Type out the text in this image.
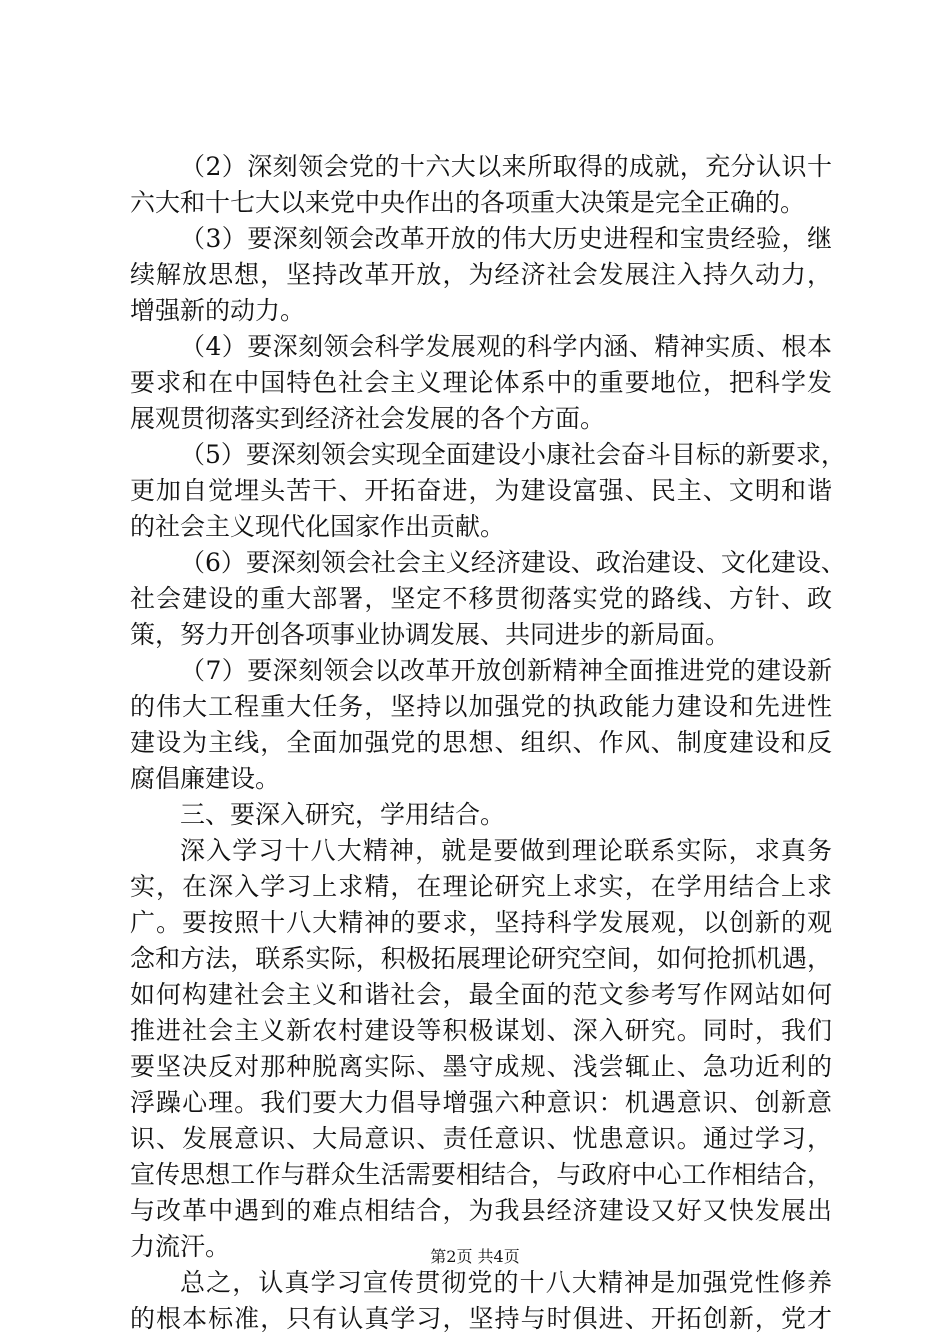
（2）深刻领会党的十六大以来所取得的成就，充分认识十
六大和十七大以来党中央作出的各项重大决策是完全正确的。
（3）要深刻领会改革开放的伟大历史进程和宝贵经验，继
续解放思想，坚持改革开放，为经济社会发展注入持久动力，
增强新的动力。
（4）要深刻领会科学发展观的科学内涵、精神实质、根本
要求和在中国特色社会主义理论体系中的重要地位，把科学发
展观贯彻落实到经济社会发展的各个方面。
（5）要深刻领会实现全面建设小康社会奋斗目标的新要求，
更加自觉埋头苦干、开拓奋进，为建设富强、民主、文明和谐
的社会主义现代化国家作出贡献。
（6）要深刻领会社会主义经济建设、政治建设、文化建设、
社会建设的重大部署，坚定不移贯彻落实党的路线、方针、政
策，努力开创各项事业协调发展、共同进步的新局面。
（7）要深刻领会以改革开放创新精神全面推进党的建设新
的伟大工程重大任务，坚持以加强党的执政能力建设和先进性
建设为主线，全面加强党的思想、组织、作风、制度建设和反
腐倡廉建设。
三、要深入研究，学用结合。
深入学习十八大精神，就是要做到理论联系实际，求真务
实，在深入学习上求精，在理论研究上求实，在学用结合上求
广。要按照十八大精神的要求，坚持科学发展观，以创新的观
念和方法，联系实际，积极拓展理论研究空间，如何抢抓机遇，
如何构建社会主义和谐社会，最全面的范文参考写作网站如何
推进社会主义新农村建设等积极谋划、深入研究。同时，我们
要坚决反对那种脱离实际、墨守成规、浅尝辄止、急功近利的
浮躁心理。我们要大力倡导增强六种意识：机遇意识、创新意
识、发展意识、大局意识、责任意识、忧患意识。通过学习，
宣传思想工作与群众生活需要相结合，与政府中心工作相结合，
与改革中遇到的难点相结合，为我县经济建设又好又快发展出
力流汗。
总之，认真学习宣传贯彻党的十八大精神是加强党性修养
的根本标准，只有认真学习，坚持与时俱进、开拓创新，党才
第2页 共4页
